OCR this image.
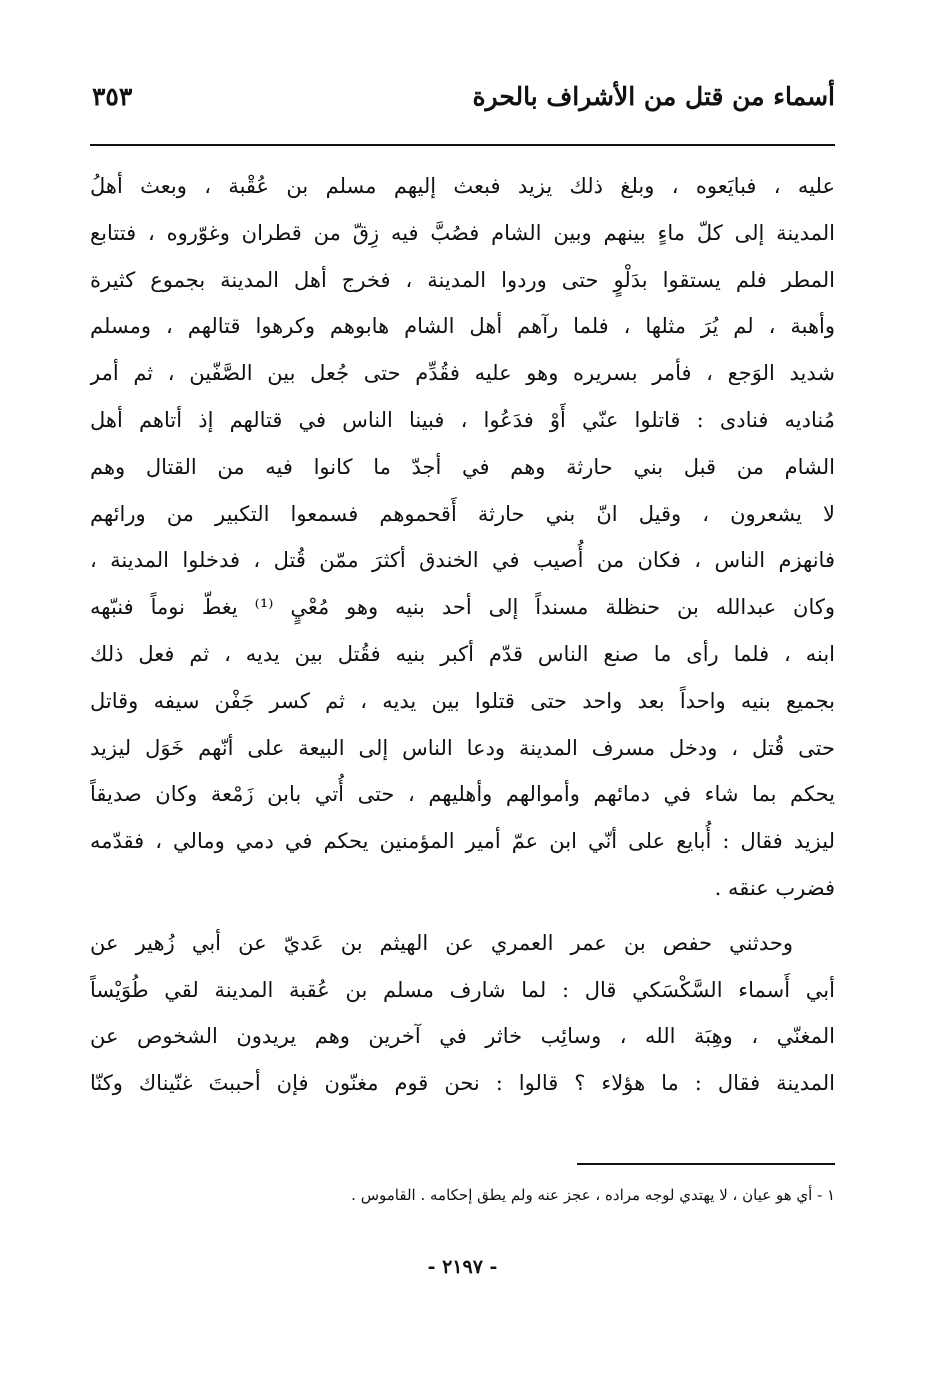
أسماء من قتل من الأشراف بالحرة
٣٥٣
عليه ، فبايَعوه ، وبلغ ذلك يزيد فبعث إليهم مسلم بن عُقْبة ، وبعث أهلُ
المدينة إلى كلّ ماءٍ بينهم وبين الشام فصُبَّ فيه زِقّ من قطران وغوّروه ، فتتابع
المطر فلم يستقوا بدَلْوٍ حتى وردوا المدينة ، فخرج أهل المدينة بجموع كثيرة
وأهبة ، لم يُرَ مثلها ، فلما رآهم أهل الشام هابوهم وكرهوا قتالهم ، ومسلم
شديد الوَجع ، فأمر بسريره وهو عليه فقُدِّم حتى جُعل بين الصَّفّين ، ثم أمر
مُناديه فنادى : قاتلوا عنّي أَوْ فدَعُوا ، فبينا الناس في قتالهم إذ أتاهم أهل
الشام من قبل بني حارثة وهم في أجدّ ما كانوا فيه من القتال وهم
لا يشعرون ، وقيل انّ بني حارثة أَقحموهم فسمعوا التكبير من ورائهم
فانهزم الناس ، فكان من أُصيب في الخندق أكثرَ ممّن قُتل ، فدخلوا المدينة ،
وكان عبدالله بن حنظلة مسنداً إلى أحد بنيه وهو مُعْيٍ ⁽¹⁾ يغطّ نوماً فنبّهه
ابنه ، فلما رأى ما صنع الناس قدّم أكبر بنيه فقُتل بين يديه ، ثم فعل ذلك
بجميع بنيه واحداً بعد واحد حتى قتلوا بين يديه ، ثم كسر جَفْن سيفه وقاتل
حتى قُتل ، ودخل مسرف المدينة ودعا الناس إلى البيعة على أنّهم خَوَل ليزيد
يحكم بما شاء في دمائهم وأموالهم وأهليهم ، حتى أُتي بابن زَمْعة وكان صديقاً
ليزيد فقال : أُبايع على أنّي ابن عمّ أمير المؤمنين يحكم في دمي ومالي ، فقدّمه
فضرب عنقه .
وحدثني حفص بن عمر العمري عن الهيثم بن عَديّ عن أبي زُهير عن
أبي أَسماء السَّكْسَكي قال : لما شارف مسلم بن عُقبة المدينة لقي طُوَيْساً
المغنّي ، وهِبَة الله ، وسائِب خاثر في آخرين وهم يريدون الشخوص عن
المدينة فقال : ما هؤلاء ؟ قالوا : نحن قوم مغنّون فإن أحببتَ غنّيناك وكنّا
١ - أي هو عيان ، لا يهتدي لوجه مراده ، عجز عنه ولم يطق إحكامه . القاموس .
- ٢١٩٧ -
